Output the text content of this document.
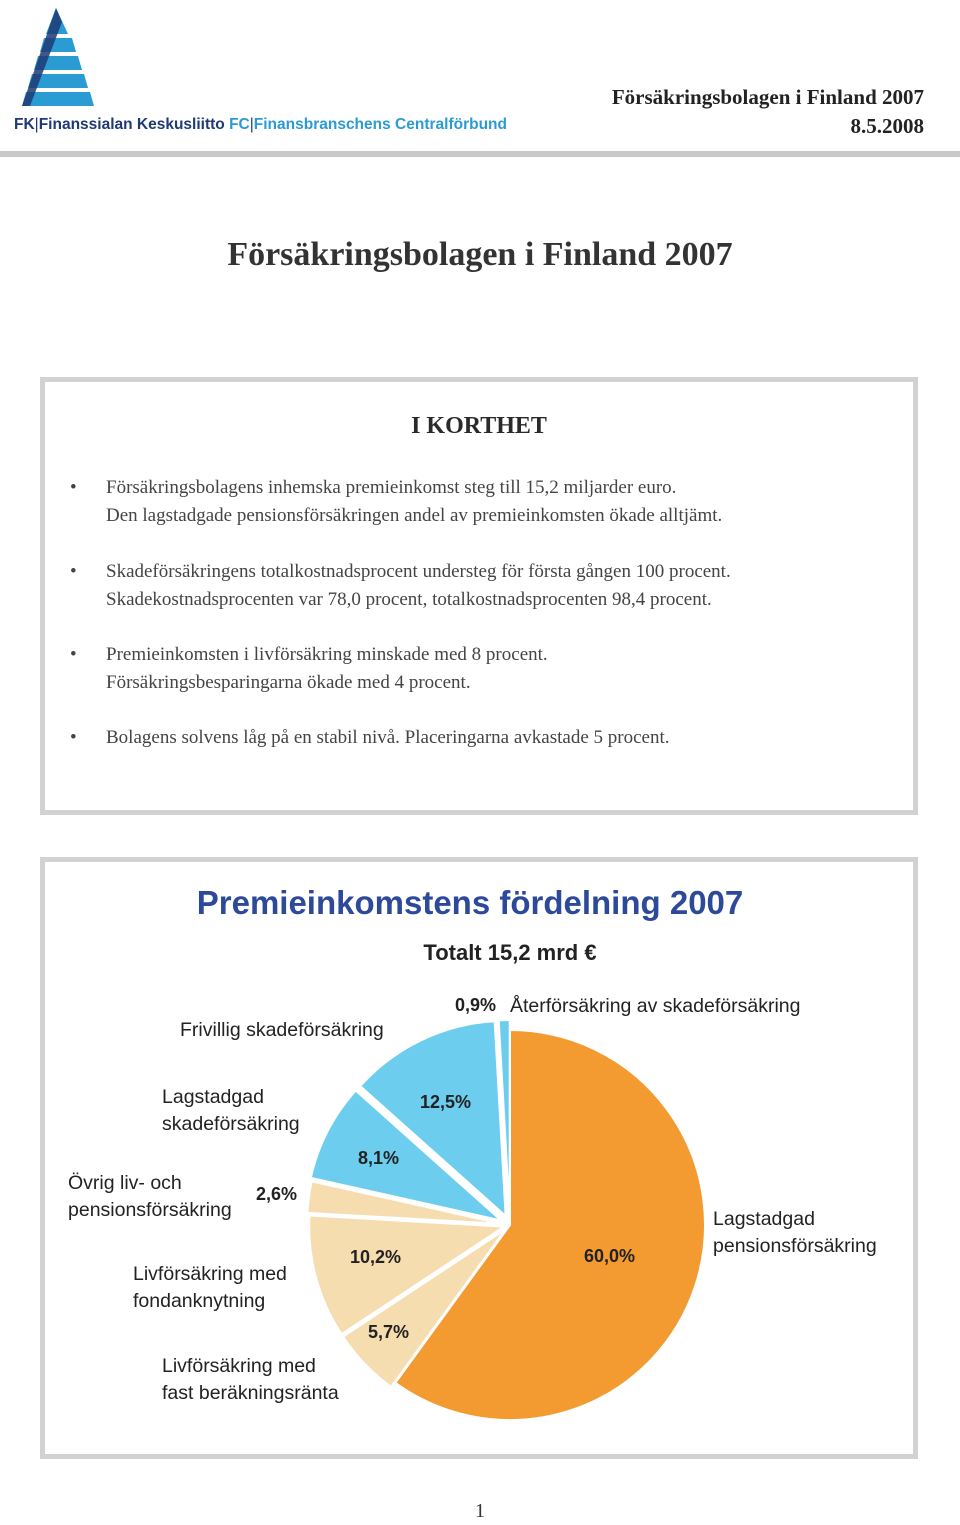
FK|Finanssialan Keskusliitto FC|Finansbranschens Centralförbund
Försäkringsbolagen i Finland 2007
8.5.2008
Försäkringsbolagen i Finland 2007
I KORTHET
• Försäkringsbolagens inhemska premieinkomst steg till 15,2 miljarder euro.
Den lagstadgade pensionsförsäkringen andel av premieinkomsten ökade alltjämt.
• Skadeförsäkringens totalkostnadsprocent understeg för första gången 100 procent.
Skadekostnadsprocenten var 78,0 procent, totalkostnadsprocenten 98,4 procent.
• Premieinkomsten i livförsäkring minskade med 8 procent.
Försäkringsbesparingarna ökade med 4 procent.
• Bolagens solvens låg på en stabil nivå. Placeringarna avkastade 5 procent.
Premieinkomstens fördelning 2007
Totalt 15,2 mrd €
Lagstadgad
pensionsförsäkring
Livförsäkring med
fast beräkningsränta
Livförsäkring med
fondanknytning
Övrig liv- och
pensionsförsäkring
Lagstadgad
skadeförsäkring
Frivillig skadeförsäkring
Återförsäkring av skadeförsäkring
60,0%
5,7%
10,2%
2,6%
8,1%
12,5%
0,9%
1
